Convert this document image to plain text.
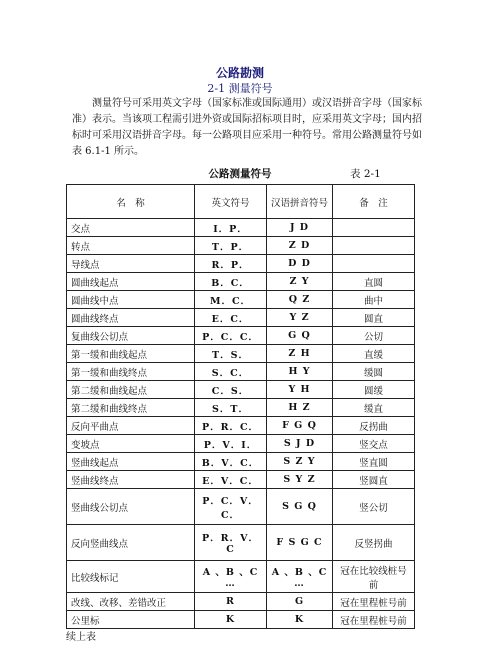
公路勘测
2-1 测量符号
测量符号可采用英文字母（国家标准或国际通用）或汉语拼音字母（国家标准）表示。当该项工程需引进外资或国际招标项目时，应采用英文字母；国内招标时可采用汉语拼音字母。每一公路项目应采用一种符号。常用公路测量符号如表 6.1-1 所示。
公路测量符号	表 2-1
名　称	英文符号	汉语拼音符号	备　注
交点	I．P．	J D	
转点	T．P．	Z D	
导线点	R．P．	D D	
圆曲线起点	B．C．	Z Y	直圆
圆曲线中点	M．C．	Q Z	曲中
圆曲线终点	E．C．	Y Z	圆直
复曲线公切点	P．C．C．	G Q	公切
第一缓和曲线起点	T．S．	Z H	直缓
第一缓和曲线终点	S．C．	H Y	缓圆
第二缓和曲线起点	C．S．	Y H	圆缓
第二缓和曲线终点	S．T．	H Z	缓直
反向平曲点	P．R．C．	F G Q	反拐曲
变坡点	P．V．I．	S J D	竖交点
竖曲线起点	B．V．C．	S Z Y	竖直圆
竖曲线终点	E．V．C．	S Y Z	竖圆直
竖曲线公切点	P．C．V．C．	S G Q	竖公切
反向竖曲线点	P．R．V．C	F S G C	反竖拐曲
比较线标记	A 、B 、C …	A 、B 、C …	冠在比较线桩号前
改线、改移、差错改正	R	G	冠在里程桩号前
公里标	K	K	冠在里程桩号前
续上表
